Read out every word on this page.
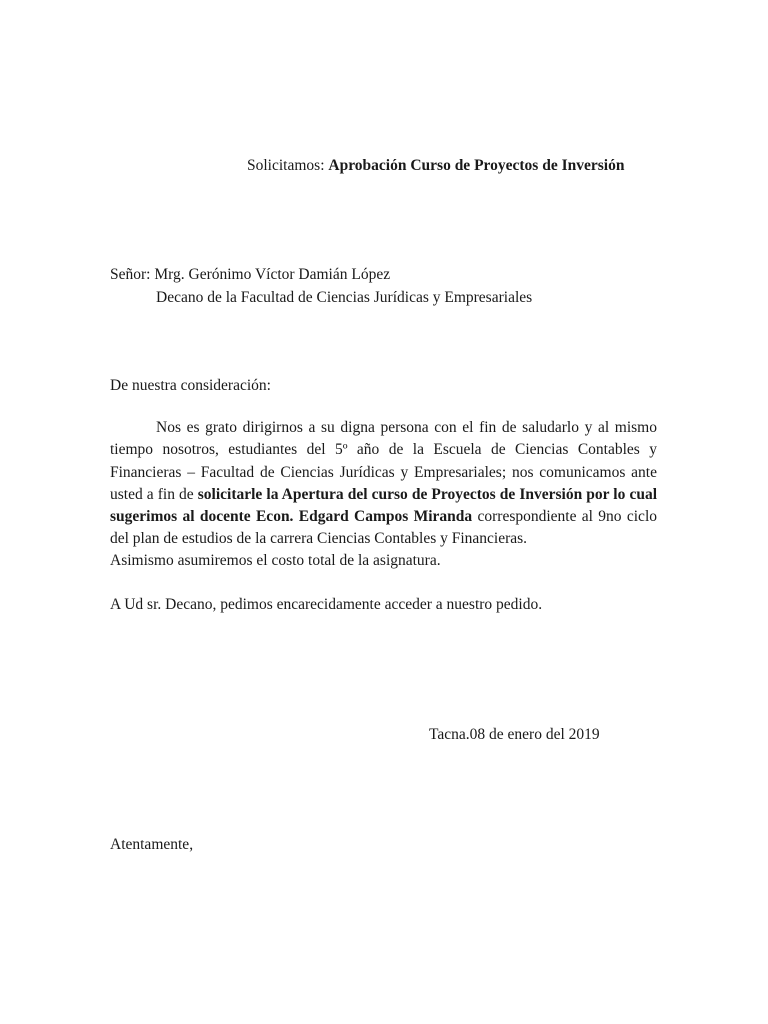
Solicitamos: Aprobación Curso de Proyectos de Inversión
Señor: Mrg. Gerónimo Víctor Damián López
Decano de la Facultad de Ciencias Jurídicas y Empresariales
De nuestra consideración:
Nos es grato dirigirnos a su digna persona con el fin de saludarlo y al mismo tiempo nosotros, estudiantes del 5º año de la Escuela de Ciencias Contables y Financieras – Facultad de Ciencias Jurídicas y Empresariales; nos comunicamos ante usted a fin de solicitarle la Apertura del curso de Proyectos de Inversión por lo cual sugerimos al docente Econ. Edgard Campos Miranda correspondiente al 9no ciclo del plan de estudios de la carrera Ciencias Contables y Financieras.
Asimismo asumiremos el costo total de la asignatura.
A Ud sr. Decano, pedimos encarecidamente acceder a nuestro pedido.
Tacna.08 de enero del 2019
Atentamente,
